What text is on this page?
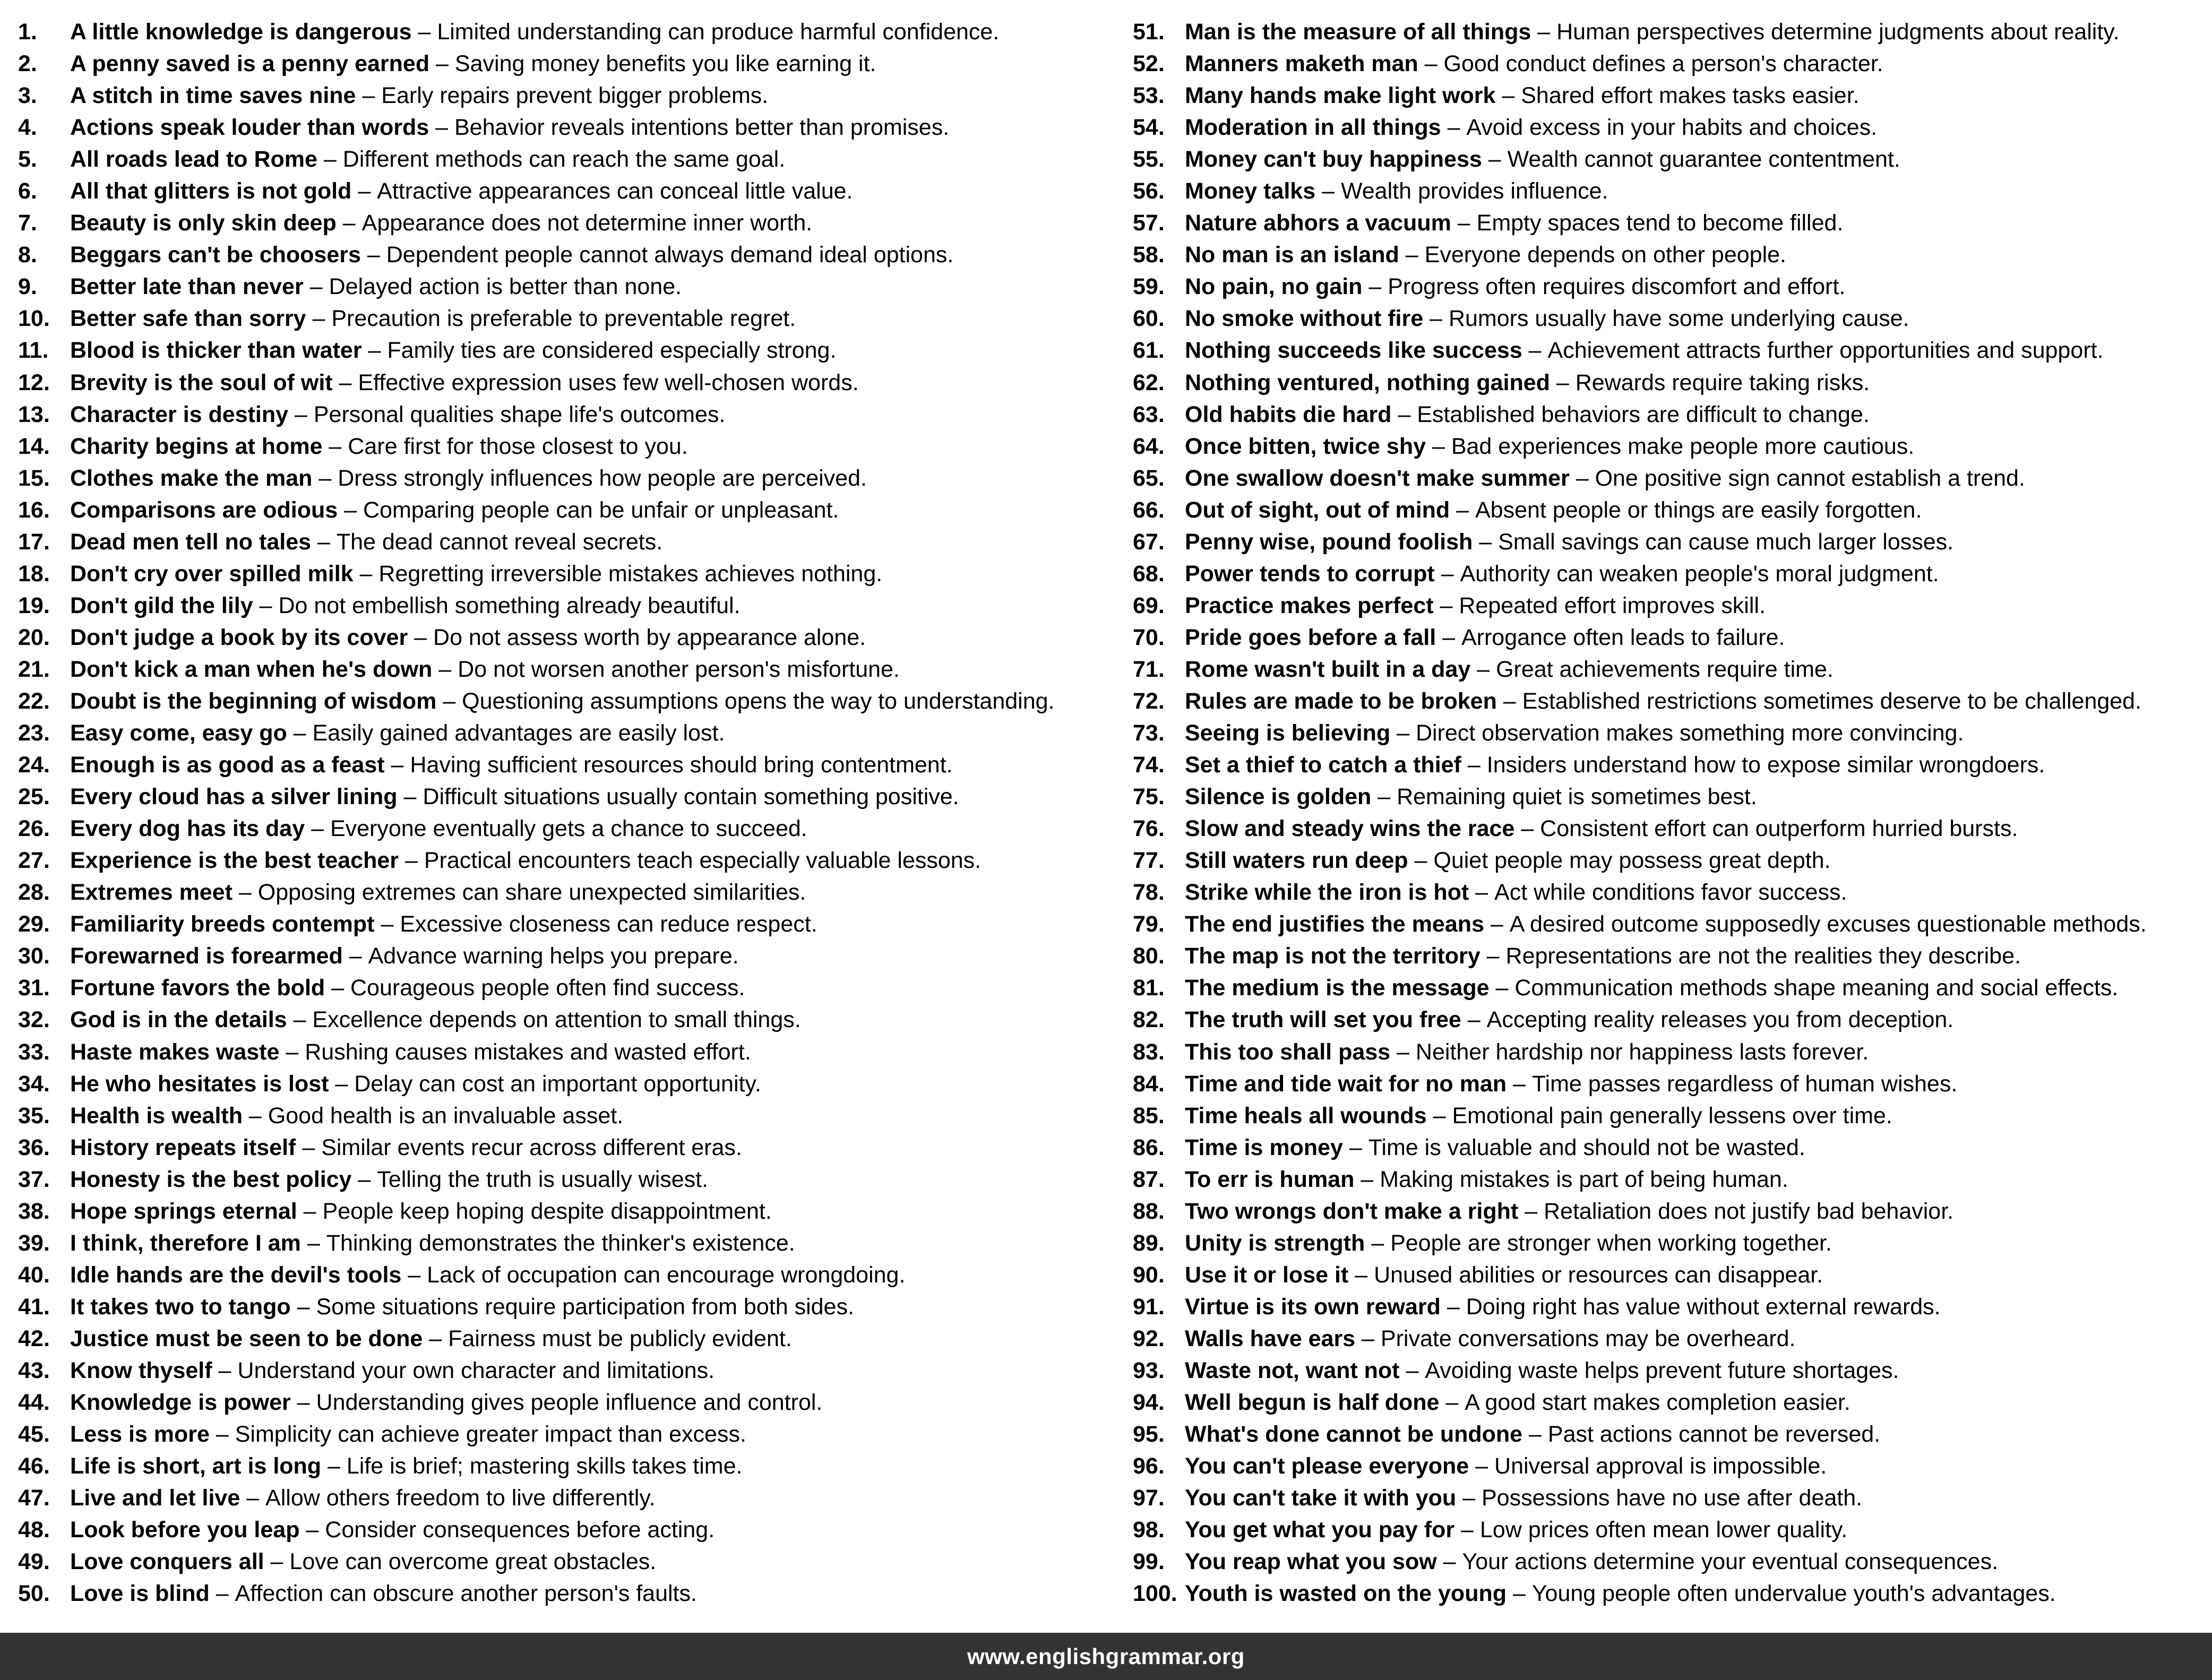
1.	A little knowledge is dangerous – Limited understanding can produce harmful confidence.
2.	A penny saved is a penny earned – Saving money benefits you like earning it.
3.	A stitch in time saves nine – Early repairs prevent bigger problems.
4.	Actions speak louder than words – Behavior reveals intentions better than promises.
5.	All roads lead to Rome – Different methods can reach the same goal.
6.	All that glitters is not gold – Attractive appearances can conceal little value.
7.	Beauty is only skin deep – Appearance does not determine inner worth.
8.	Beggars can't be choosers – Dependent people cannot always demand ideal options.
9.	Better late than never – Delayed action is better than none.
10. Better safe than sorry – Precaution is preferable to preventable regret.
11. Blood is thicker than water – Family ties are considered especially strong.
12. Brevity is the soul of wit – Effective expression uses few well-chosen words.
13. Character is destiny – Personal qualities shape life's outcomes.
14. Charity begins at home – Care first for those closest to you.
15. Clothes make the man – Dress strongly influences how people are perceived.
16. Comparisons are odious – Comparing people can be unfair or unpleasant.
17. Dead men tell no tales – The dead cannot reveal secrets.
18. Don't cry over spilled milk – Regretting irreversible mistakes achieves nothing.
19. Don't gild the lily – Do not embellish something already beautiful.
20. Don't judge a book by its cover – Do not assess worth by appearance alone.
21. Don't kick a man when he's down – Do not worsen another person's misfortune.
22. Doubt is the beginning of wisdom – Questioning assumptions opens the way to understanding.
23. Easy come, easy go – Easily gained advantages are easily lost.
24. Enough is as good as a feast – Having sufficient resources should bring contentment.
25. Every cloud has a silver lining – Difficult situations usually contain something positive.
26. Every dog has its day – Everyone eventually gets a chance to succeed.
27. Experience is the best teacher – Practical encounters teach especially valuable lessons.
28. Extremes meet – Opposing extremes can share unexpected similarities.
29. Familiarity breeds contempt – Excessive closeness can reduce respect.
30. Forewarned is forearmed – Advance warning helps you prepare.
31. Fortune favors the bold – Courageous people often find success.
32. God is in the details – Excellence depends on attention to small things.
33. Haste makes waste – Rushing causes mistakes and wasted effort.
34. He who hesitates is lost – Delay can cost an important opportunity.
35. Health is wealth – Good health is an invaluable asset.
36. History repeats itself – Similar events recur across different eras.
37. Honesty is the best policy – Telling the truth is usually wisest.
38. Hope springs eternal – People keep hoping despite disappointment.
39. I think, therefore I am – Thinking demonstrates the thinker's existence.
40. Idle hands are the devil's tools – Lack of occupation can encourage wrongdoing.
41. It takes two to tango – Some situations require participation from both sides.
42. Justice must be seen to be done – Fairness must be publicly evident.
43. Know thyself – Understand your own character and limitations.
44. Knowledge is power – Understanding gives people influence and control.
45. Less is more – Simplicity can achieve greater impact than excess.
46. Life is short, art is long – Life is brief; mastering skills takes time.
47. Live and let live – Allow others freedom to live differently.
48. Look before you leap – Consider consequences before acting.
49. Love conquers all – Love can overcome great obstacles.
50. Love is blind – Affection can obscure another person's faults.
51. Man is the measure of all things – Human perspectives determine judgments about reality.
52. Manners maketh man – Good conduct defines a person's character.
53. Many hands make light work – Shared effort makes tasks easier.
54. Moderation in all things – Avoid excess in your habits and choices.
55. Money can't buy happiness – Wealth cannot guarantee contentment.
56. Money talks – Wealth provides influence.
57. Nature abhors a vacuum – Empty spaces tend to become filled.
58. No man is an island – Everyone depends on other people.
59. No pain, no gain – Progress often requires discomfort and effort.
60. No smoke without fire – Rumors usually have some underlying cause.
61. Nothing succeeds like success – Achievement attracts further opportunities and support.
62. Nothing ventured, nothing gained – Rewards require taking risks.
63. Old habits die hard – Established behaviors are difficult to change.
64. Once bitten, twice shy – Bad experiences make people more cautious.
65. One swallow doesn't make summer – One positive sign cannot establish a trend.
66. Out of sight, out of mind – Absent people or things are easily forgotten.
67. Penny wise, pound foolish – Small savings can cause much larger losses.
68. Power tends to corrupt – Authority can weaken people's moral judgment.
69. Practice makes perfect – Repeated effort improves skill.
70. Pride goes before a fall – Arrogance often leads to failure.
71. Rome wasn't built in a day – Great achievements require time.
72. Rules are made to be broken – Established restrictions sometimes deserve to be challenged.
73. Seeing is believing – Direct observation makes something more convincing.
74. Set a thief to catch a thief – Insiders understand how to expose similar wrongdoers.
75. Silence is golden – Remaining quiet is sometimes best.
76. Slow and steady wins the race – Consistent effort can outperform hurried bursts.
77. Still waters run deep – Quiet people may possess great depth.
78. Strike while the iron is hot – Act while conditions favor success.
79. The end justifies the means – A desired outcome supposedly excuses questionable methods.
80. The map is not the territory – Representations are not the realities they describe.
81. The medium is the message – Communication methods shape meaning and social effects.
82. The truth will set you free – Accepting reality releases you from deception.
83. This too shall pass – Neither hardship nor happiness lasts forever.
84. Time and tide wait for no man – Time passes regardless of human wishes.
85. Time heals all wounds – Emotional pain generally lessens over time.
86. Time is money – Time is valuable and should not be wasted.
87. To err is human – Making mistakes is part of being human.
88. Two wrongs don't make a right – Retaliation does not justify bad behavior.
89. Unity is strength – People are stronger when working together.
90. Use it or lose it – Unused abilities or resources can disappear.
91. Virtue is its own reward – Doing right has value without external rewards.
92. Walls have ears – Private conversations may be overheard.
93. Waste not, want not – Avoiding waste helps prevent future shortages.
94. Well begun is half done – A good start makes completion easier.
95. What's done cannot be undone – Past actions cannot be reversed.
96. You can't please everyone – Universal approval is impossible.
97. You can't take it with you – Possessions have no use after death.
98. You get what you pay for – Low prices often mean lower quality.
99. You reap what you sow – Your actions determine your eventual consequences.
100. Youth is wasted on the young – Young people often undervalue youth's advantages.
www.englishgrammar.org
